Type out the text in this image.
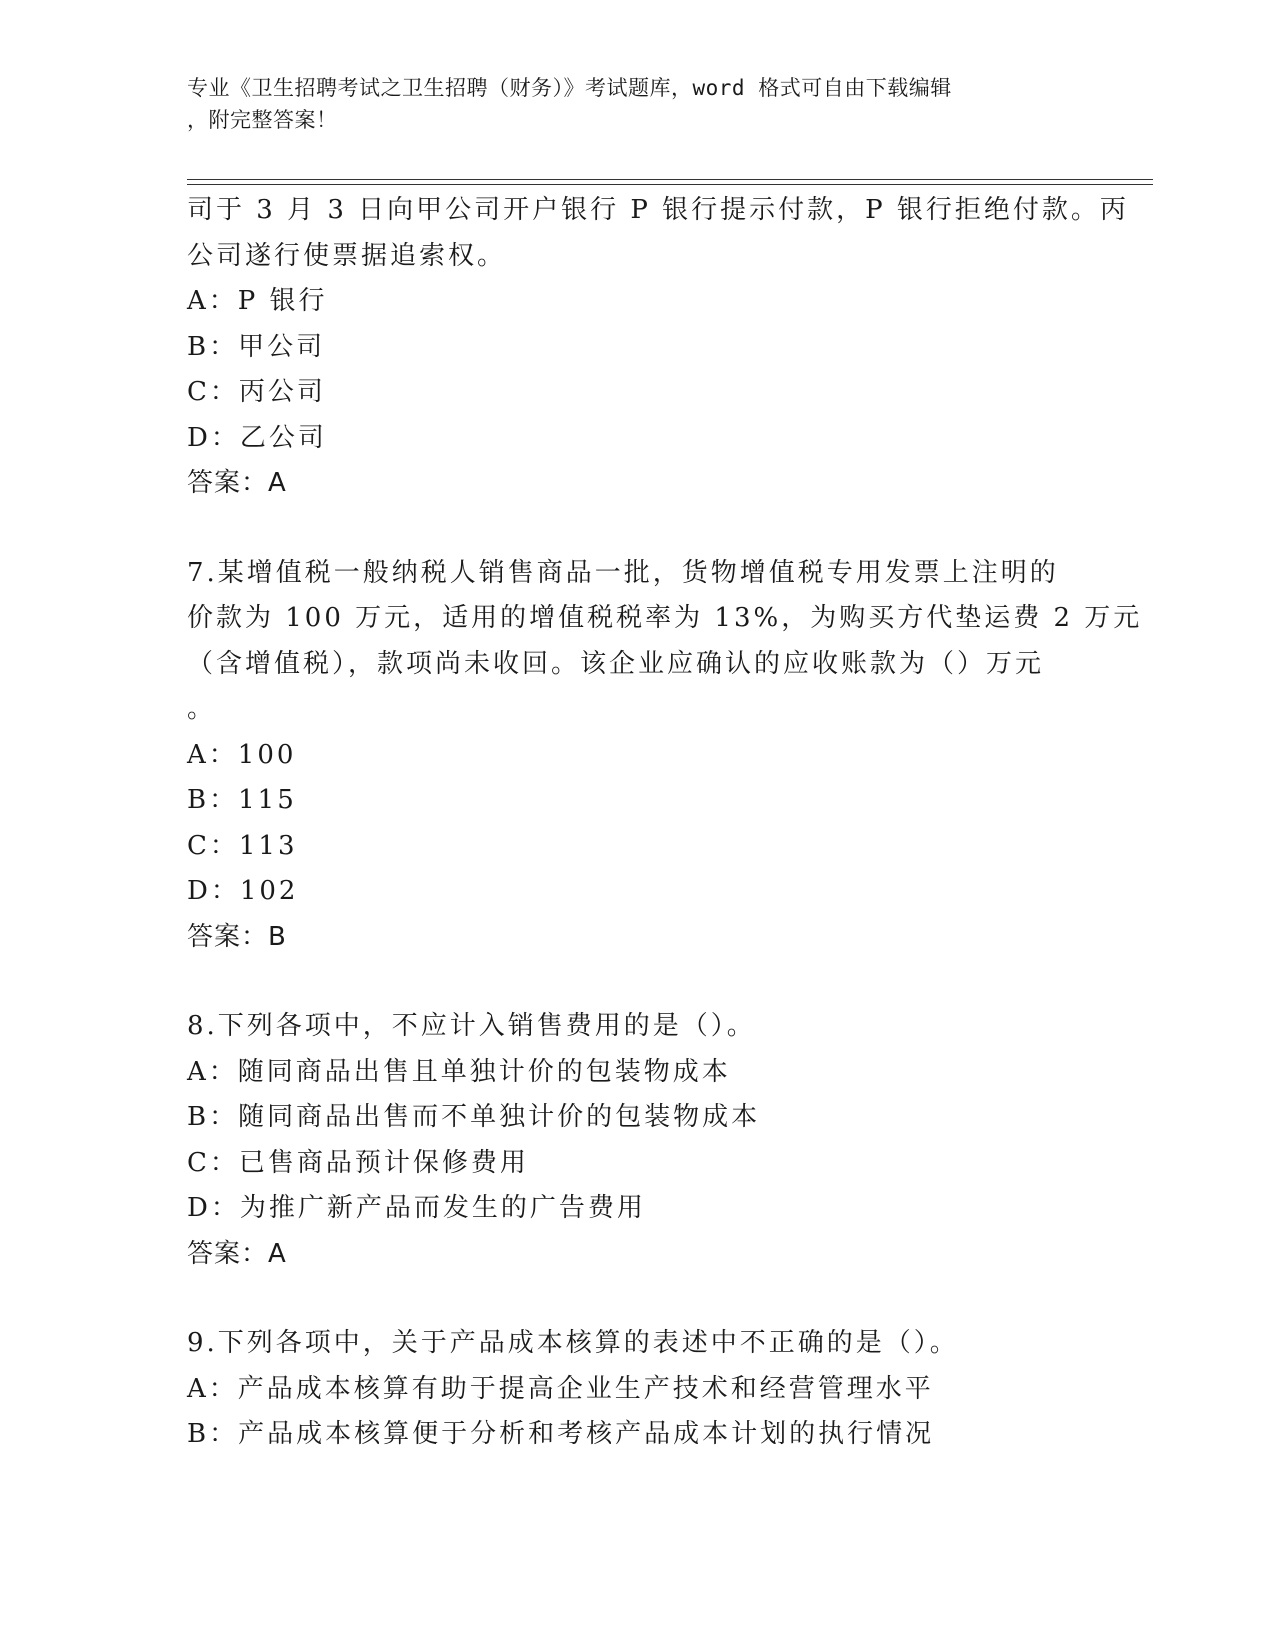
专业《卫生招聘考试之卫生招聘（财务）》考试题库，word 格式可自由下载编辑
，附完整答案！
司于 3 月 3 日向甲公司开户银行 P 银行提示付款，P 银行拒绝付款。丙
公司遂行使票据追索权。
A：P 银行
B：甲公司
C：丙公司
D：乙公司
答案：A
7.某增值税一般纳税人销售商品一批，货物增值税专用发票上注明的
价款为 100 万元，适用的增值税税率为 13%，为购买方代垫运费 2 万元
（含增值税），款项尚未收回。该企业应确认的应收账款为（）万元
。
A：100
B：115
C：113
D：102
答案：B
8.下列各项中，不应计入销售费用的是（）。
A：随同商品出售且单独计价的包装物成本
B：随同商品出售而不单独计价的包装物成本
C：已售商品预计保修费用
D：为推广新产品而发生的广告费用
答案：A
9.下列各项中，关于产品成本核算的表述中不正确的是（）。
A：产品成本核算有助于提高企业生产技术和经营管理水平
B：产品成本核算便于分析和考核产品成本计划的执行情况
